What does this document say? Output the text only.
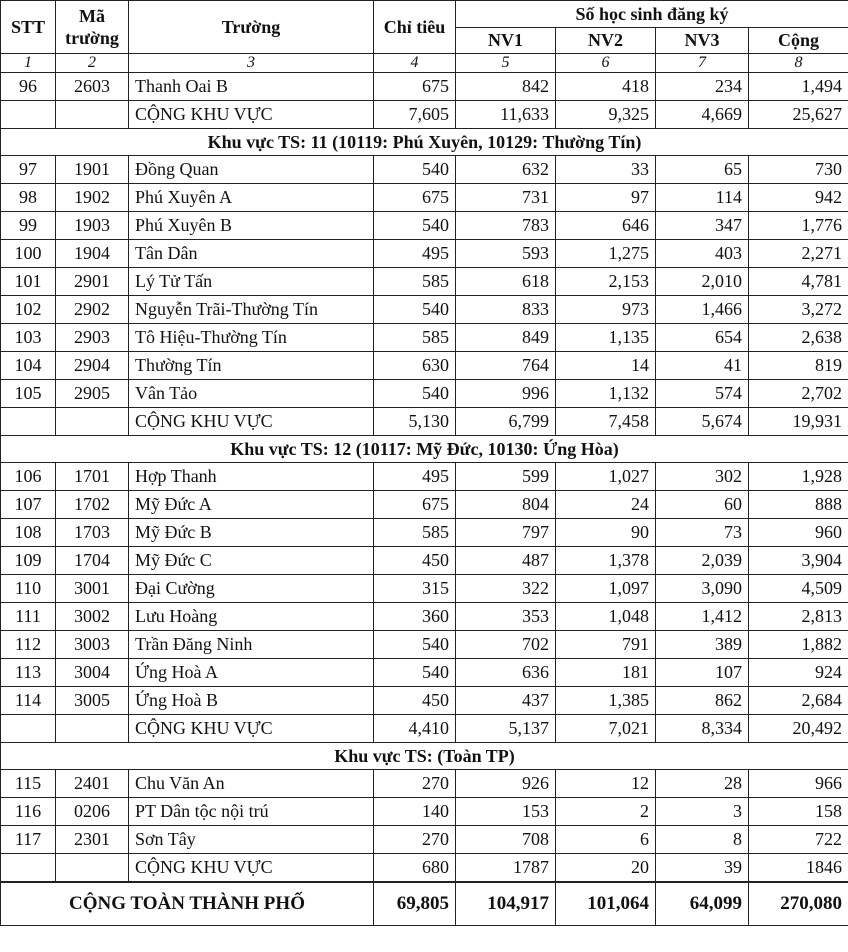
STT	Mã trường	Trường	Chỉ tiêu	Số học sinh đăng ký			
				NV1	NV2	NV3	Cộng
1	2	3	4	5	6	7	8
96	2603	Thanh Oai B	675	842	418	234	1,494
		CỘNG KHU VỰC	7,605	11,633	9,325	4,669	25,627
Khu vực TS: 11 (10119: Phú Xuyên, 10129: Thường Tín)							
97	1901	Đồng Quan	540	632	33	65	730
98	1902	Phú Xuyên A	675	731	97	114	942
99	1903	Phú Xuyên B	540	783	646	347	1,776
100	1904	Tân Dân	495	593	1,275	403	2,271
101	2901	Lý Tử Tấn	585	618	2,153	2,010	4,781
102	2902	Nguyễn Trãi-Thường Tín	540	833	973	1,466	3,272
103	2903	Tô Hiệu-Thường Tín	585	849	1,135	654	2,638
104	2904	Thường Tín	630	764	14	41	819
105	2905	Vân Tảo	540	996	1,132	574	2,702
		CỘNG KHU VỰC	5,130	6,799	7,458	5,674	19,931
Khu vực TS: 12 (10117: Mỹ Đức, 10130: Ứng Hòa)							
106	1701	Hợp Thanh	495	599	1,027	302	1,928
107	1702	Mỹ Đức A	675	804	24	60	888
108	1703	Mỹ Đức B	585	797	90	73	960
109	1704	Mỹ Đức C	450	487	1,378	2,039	3,904
110	3001	Đại Cường	315	322	1,097	3,090	4,509
111	3002	Lưu Hoàng	360	353	1,048	1,412	2,813
112	3003	Trần Đăng Ninh	540	702	791	389	1,882
113	3004	Ứng Hoà A	540	636	181	107	924
114	3005	Ứng Hoà B	450	437	1,385	862	2,684
		CỘNG KHU VỰC	4,410	5,137	7,021	8,334	20,492
Khu vực TS: (Toàn TP)							
115	2401	Chu Văn An	270	926	12	28	966
116	0206	PT Dân tộc nội trú	140	153	2	3	158
117	2301	Sơn Tây	270	708	6	8	722
		CỘNG KHU VỰC	680	1787	20	39	1846
CỘNG TOÀN THÀNH PHỐ			69,805	104,917	101,064	64,099	270,080
